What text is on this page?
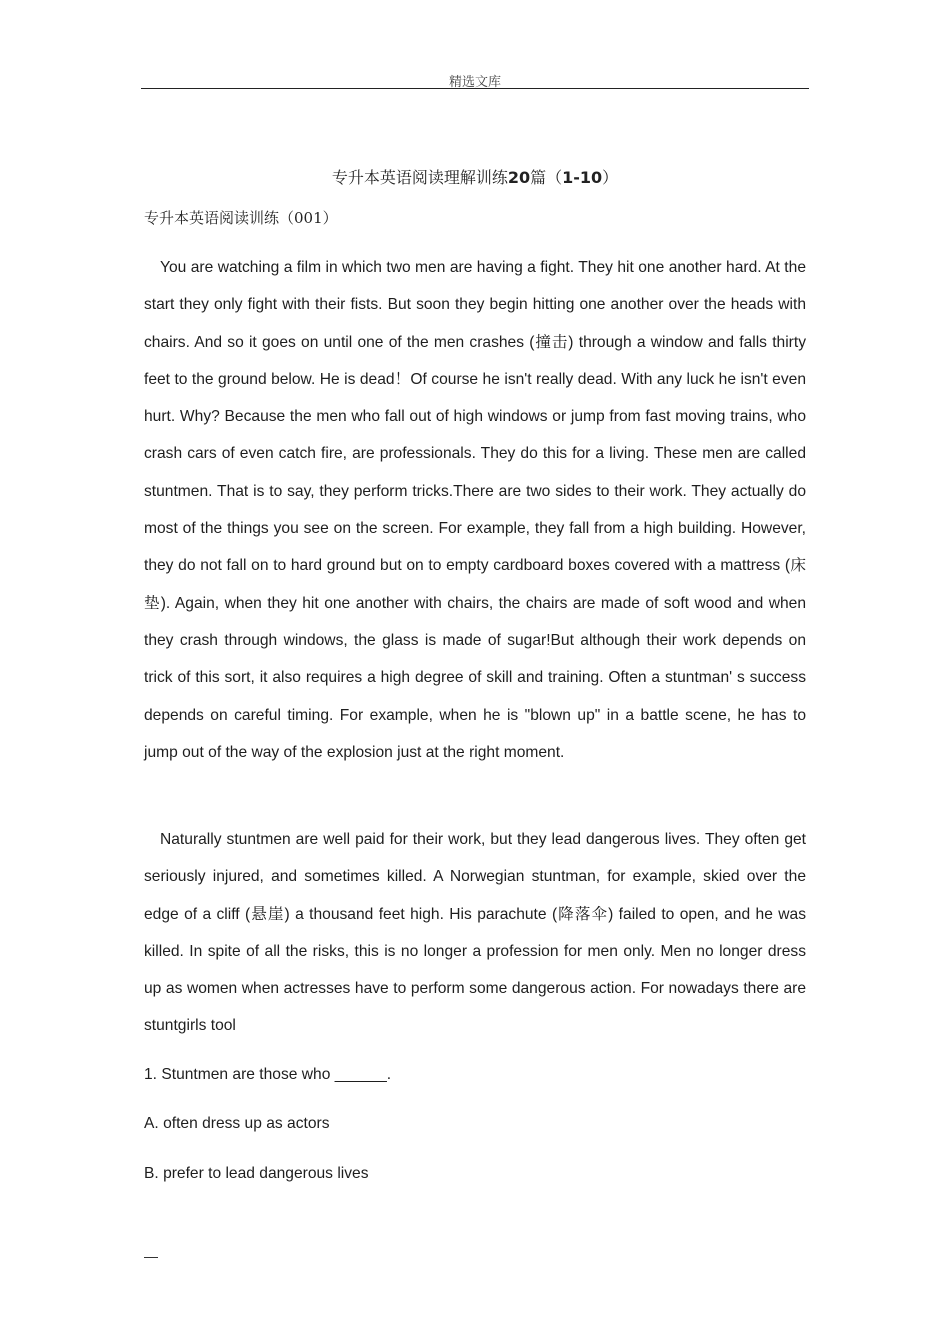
精选文库
专升本英语阅读理解训练20篇（1-10）
专升本英语阅读训练（001）

You are watching a film in which two men are having a fight. They hit one another hard. At the start they only fight with their fists. But soon they begin hitting one another over the heads with chairs. And so it goes on until one of the men crashes (撞击) through a window and falls thirty feet to the ground below. He is dead！Of course he isn't really dead. With any luck he isn't even hurt. Why? Because the men who fall out of high windows or jump from fast moving trains, who crash cars of even catch fire, are professionals. They do this for a living. These men are called stuntmen. That is to say, they perform tricks.There are two sides to their work. They actually do most of the things you see on the screen. For example, they fall from a high building. However, they do not fall on to hard ground but on to empty cardboard boxes covered with a mattress (床垫). Again, when they hit one another with chairs, the chairs are made of soft wood and when they crash through windows, the glass is made of sugar!But although their work depends on trick of this sort, it also requires a high degree of skill and training. Often a stuntman' s success depends on careful timing. For example, when he is "blown up" in a battle scene, he has to jump out of the way of the explosion just at the right moment.

Naturally stuntmen are well paid for their work, but they lead dangerous lives. They often get seriously injured, and sometimes killed. A Norwegian stuntman, for example, skied over the edge of a cliff (悬崖) a thousand feet high. His parachute (降落伞) failed to open, and he was killed. In spite of all the risks, this is no longer a profession for men only. Men no longer dress up as women when actresses have to perform some dangerous action. For nowadays there are stuntgirls tool

1. Stuntmen are those who ______.
A. often dress up as actors
B. prefer to lead dangerous lives
